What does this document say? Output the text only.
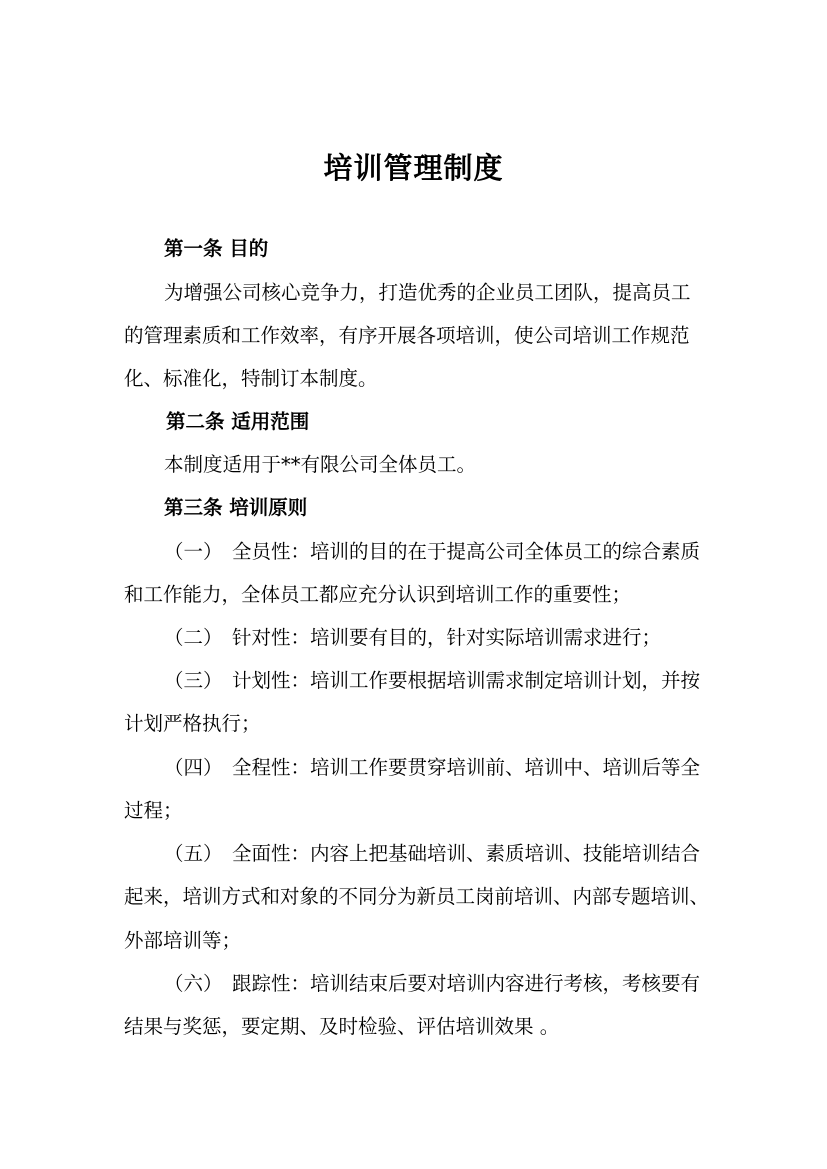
培训管理制度
第一条 目的
为增强公司核心竞争力，打造优秀的企业员工团队，提高员工
的管理素质和工作效率，有序开展各项培训，使公司培训工作规范
化、标准化，特制订本制度。
第二条 适用范围
本制度适用于**有限公司全体员工。
第三条 培训原则
（一） 全员性：培训的目的在于提高公司全体员工的综合素质
和工作能力，全体员工都应充分认识到培训工作的重要性；
（二） 针对性：培训要有目的，针对实际培训需求进行；
（三） 计划性：培训工作要根据培训需求制定培训计划，并按
计划严格执行；
（四） 全程性：培训工作要贯穿培训前、培训中、培训后等全
过程；
（五） 全面性：内容上把基础培训、素质培训、技能培训结合
起来，培训方式和对象的不同分为新员工岗前培训、内部专题培训、
外部培训等；
（六） 跟踪性：培训结束后要对培训内容进行考核，考核要有
结果与奖惩，要定期、及时检验、评估培训效果 。
